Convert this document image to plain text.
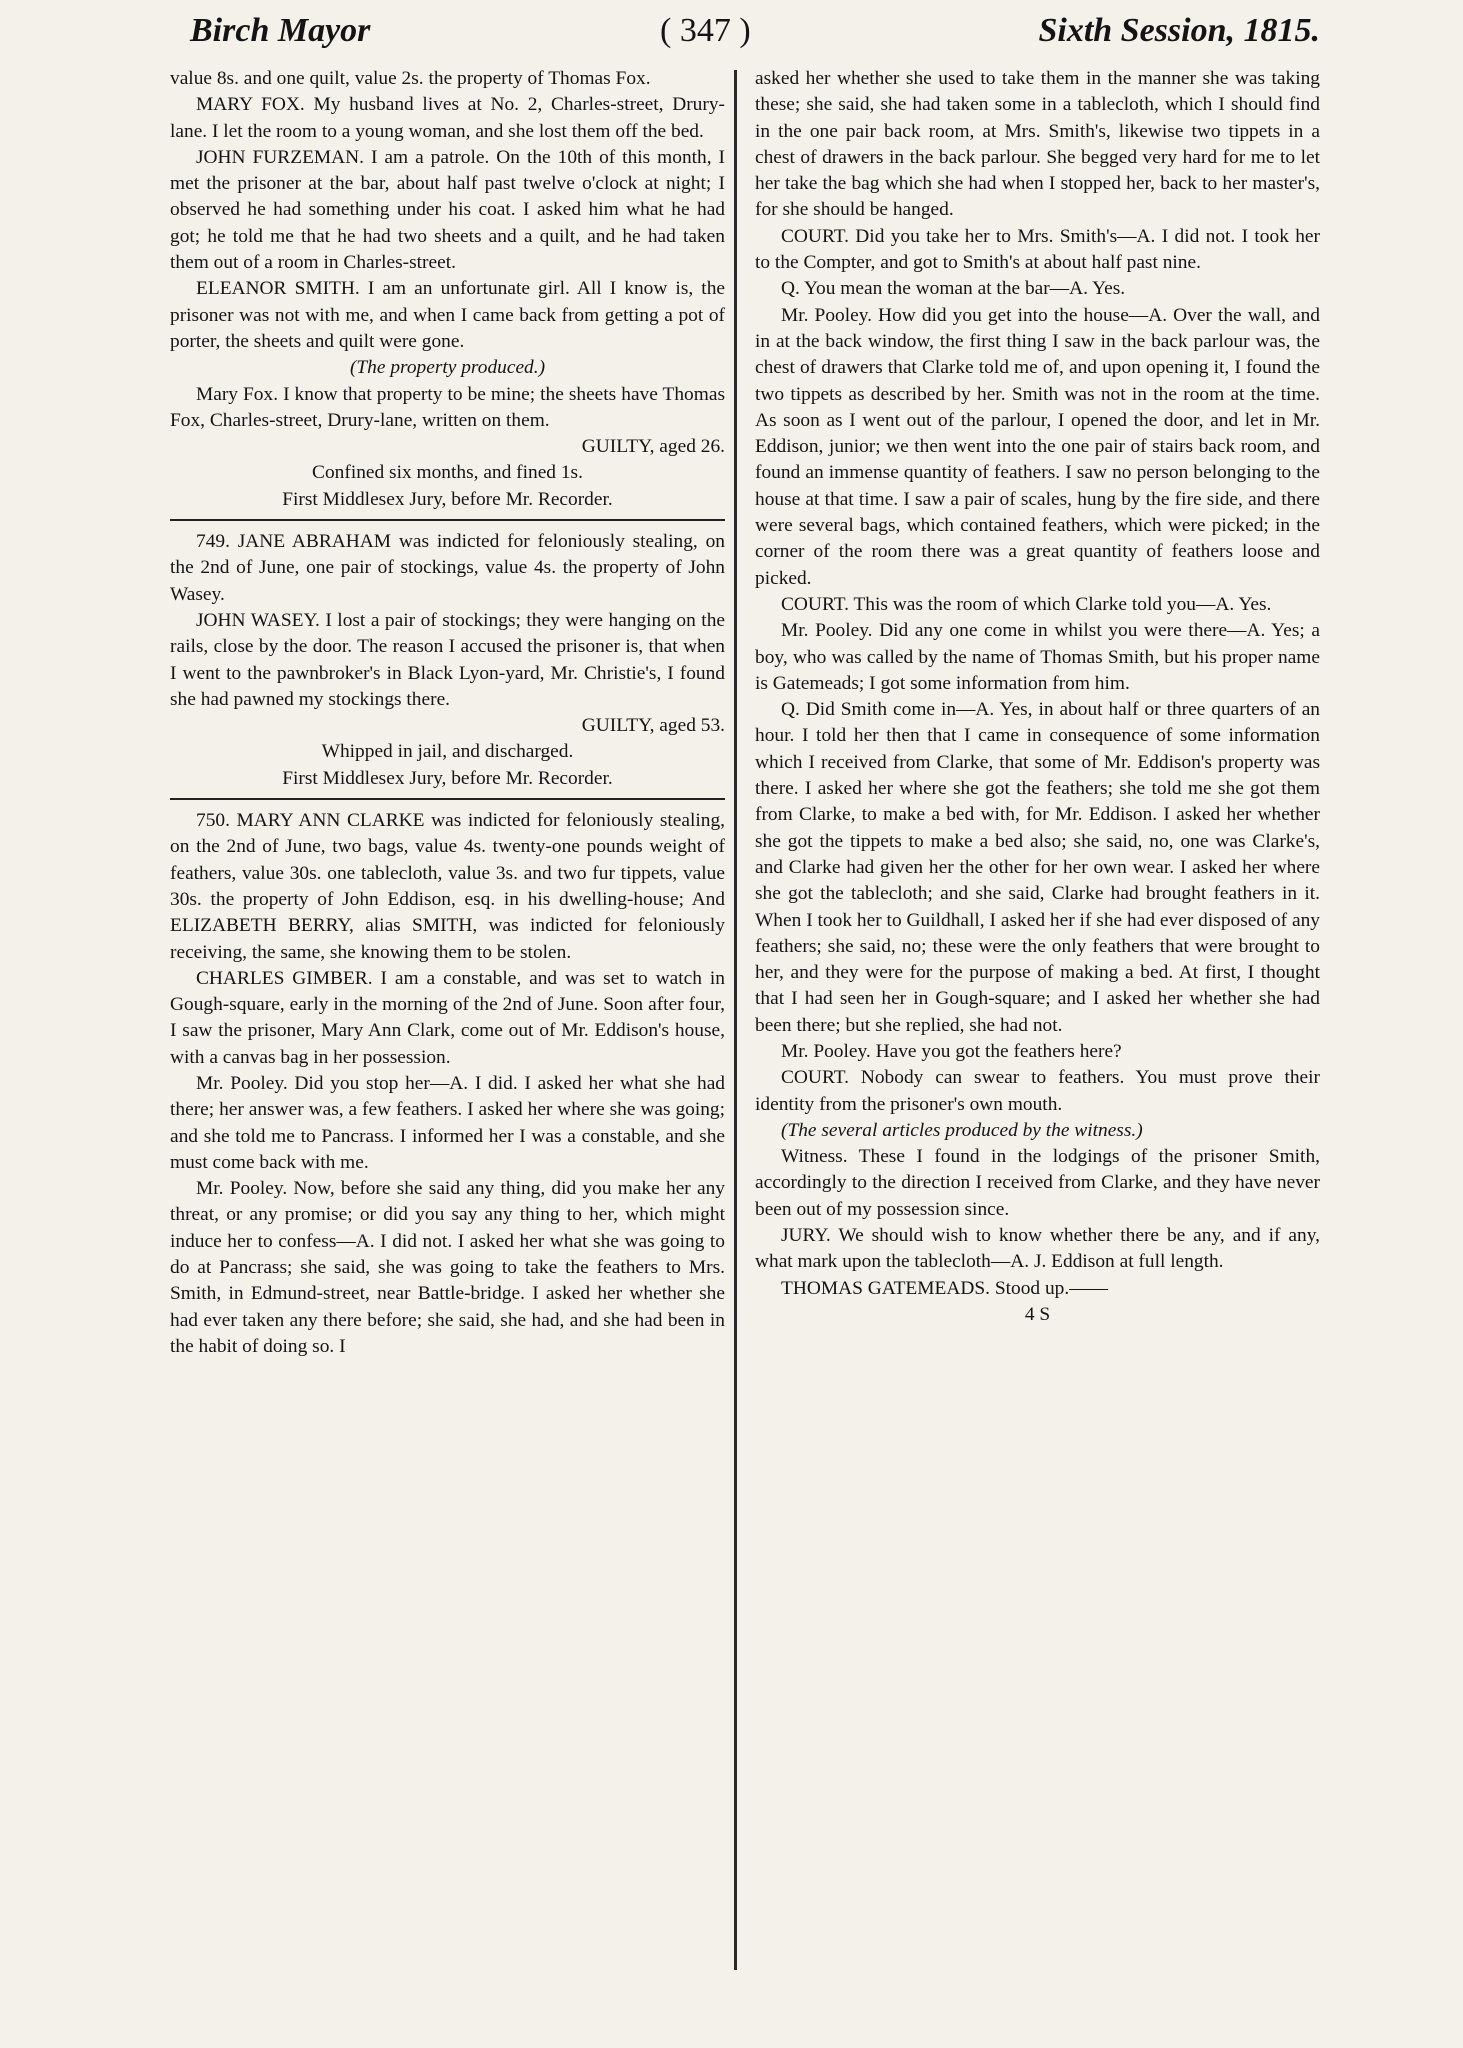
Birch Mayor	( 347 )	Sixth Session, 1815.

value 8s. and one quilt, value 2s. the property of Thomas Fox.

MARY FOX. My husband lives at No. 2, Charles-street, Drury-lane. I let the room to a young woman, and she lost them off the bed.

JOHN FURZEMAN. I am a patrole. On the 10th of this month, I met the prisoner at the bar, about half past twelve o'clock at night; I observed he had something under his coat. I asked him what he had got; he told me that he had two sheets and a quilt, and he had taken them out of a room in Charles-street.

ELEANOR SMITH. I am an unfortunate girl. All I know is, the prisoner was not with me, and when I came back from getting a pot of porter, the sheets and quilt were gone.

(The property produced.)

Mary Fox. I know that property to be mine; the sheets have Thomas Fox, Charles-street, Drury-lane, written on them.

GUILTY, aged 26.

Confined six months, and fined 1s.

First Middlesex Jury, before Mr. Recorder.

749. JANE ABRAHAM was indicted for feloniously stealing, on the 2nd of June, one pair of stockings, value 4s. the property of John Wasey.

JOHN WASEY. I lost a pair of stockings; they were hanging on the rails, close by the door. The reason I accused the prisoner is, that when I went to the pawnbroker's in Black Lyon-yard, Mr. Christie's, I found she had pawned my stockings there.

GUILTY, aged 53.

Whipped in jail, and discharged.

First Middlesex Jury, before Mr. Recorder.

750. MARY ANN CLARKE was indicted for feloniously stealing, on the 2nd of June, two bags, value 4s. twenty-one pounds weight of feathers, value 30s. one tablecloth, value 3s. and two fur tippets, value 30s. the property of John Eddison, esq. in his dwelling-house; And ELIZABETH BERRY, alias SMITH, was indicted for feloniously receiving, the same, she knowing them to be stolen.

CHARLES GIMBER. I am a constable, and was set to watch in Gough-square, early in the morning of the 2nd of June. Soon after four, I saw the prisoner, Mary Ann Clark, come out of Mr. Eddison's house, with a canvas bag in her possession.

Mr. Pooley. Did you stop her—A. I did. I asked her what she had there; her answer was, a few feathers. I asked her where she was going; and she told me to Pancrass. I informed her I was a constable, and she must come back with me.

Mr. Pooley. Now, before she said any thing, did you make her any threat, or any promise; or did you say any thing to her, which might induce her to confess—A. I did not. I asked her what she was going to do at Pancrass; she said, she was going to take the feathers to Mrs. Smith, in Edmund-street, near Battle-bridge. I asked her whether she had ever taken any there before; she said, she had, and she had been in the habit of doing so. I

asked her whether she used to take them in the manner she was taking these; she said, she had taken some in a tablecloth, which I should find in the one pair back room, at Mrs. Smith's, likewise two tippets in a chest of drawers in the back parlour. She begged very hard for me to let her take the bag which she had when I stopped her, back to her master's, for she should be hanged.

COURT. Did you take her to Mrs. Smith's—A. I did not. I took her to the Compter, and got to Smith's at about half past nine.

Q. You mean the woman at the bar—A. Yes.

Mr. Pooley. How did you get into the house—A. Over the wall, and in at the back window, the first thing I saw in the back parlour was, the chest of drawers that Clarke told me of, and upon opening it, I found the two tippets as described by her. Smith was not in the room at the time. As soon as I went out of the parlour, I opened the door, and let in Mr. Eddison, junior; we then went into the one pair of stairs back room, and found an immense quantity of feathers. I saw no person belonging to the house at that time. I saw a pair of scales, hung by the fire side, and there were several bags, which contained feathers, which were picked; in the corner of the room there was a great quantity of feathers loose and picked.

COURT. This was the room of which Clarke told you—A. Yes.

Mr. Pooley. Did any one come in whilst you were there—A. Yes; a boy, who was called by the name of Thomas Smith, but his proper name is Gatemeads; I got some information from him.

Q. Did Smith come in—A. Yes, in about half or three quarters of an hour. I told her then that I came in consequence of some information which I received from Clarke, that some of Mr. Eddison's property was there. I asked her where she got the feathers; she told me she got them from Clarke, to make a bed with, for Mr. Eddison. I asked her whether she got the tippets to make a bed also; she said, no, one was Clarke's, and Clarke had given her the other for her own wear. I asked her where she got the tablecloth; and she said, Clarke had brought feathers in it. When I took her to Guildhall, I asked her if she had ever disposed of any feathers; she said, no; these were the only feathers that were brought to her, and they were for the purpose of making a bed. At first, I thought that I had seen her in Gough-square; and I asked her whether she had been there; but she replied, she had not.

Mr. Pooley. Have you got the feathers here?

COURT. Nobody can swear to feathers. You must prove their identity from the prisoner's own mouth.

(The several articles produced by the witness.)

Witness. These I found in the lodgings of the prisoner Smith, accordingly to the direction I received from Clarke, and they have never been out of my possession since.

JURY. We should wish to know whether there be any, and if any, what mark upon the tablecloth—A. J. Eddison at full length.

THOMAS GATEMEADS. Stood up.——

4 S
